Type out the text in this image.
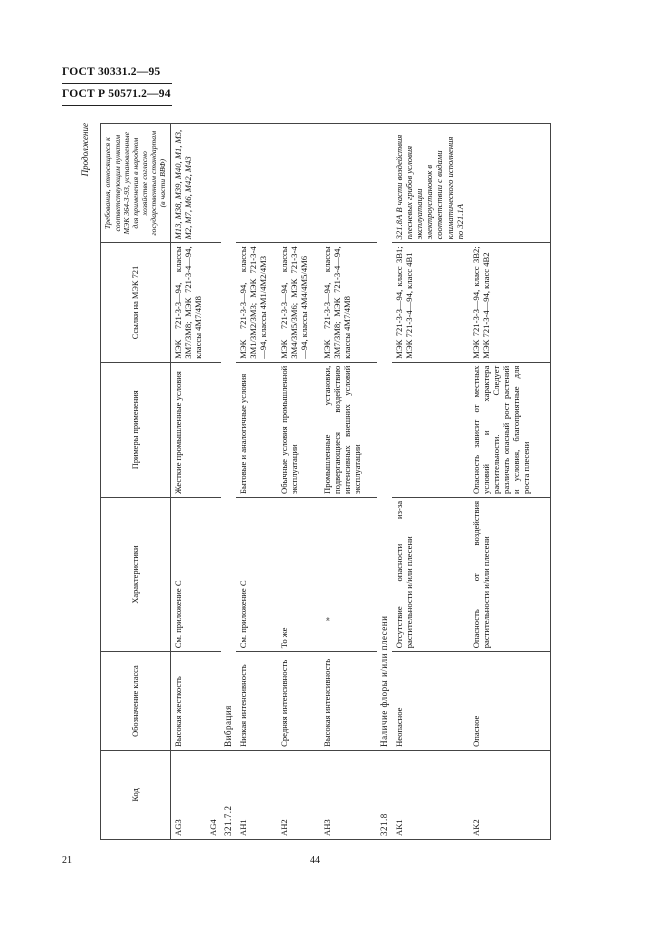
ГОСТ 30331.2—95
ГОСТ Р 50571.2—94
Продолжение
Код	Обозначение класса	Характеристики	Примеры применения	Ссылки на МЭК 721	Требования, относящиеся к соответствующим пунктам МЭК 364-3-93, установленные для применения в народном хозяйстве согласно государственным стандартам (в части ВВФ)
AG3	Высокая жесткость	См. приложение С	Жесткие промышленные условия	МЭК 721-3-3—94, классы 3М7/3М8; МЭК 721-3-4—94, классы 4М7/4М8	М13, М38, М39, М40, М1, М3, М2, М7, М6, М42, М43
AG4					
321.7.2	Вибрация				
AH1	Низкая интенсивность	См. приложение С	Бытовые и аналогичные условия	МЭК 721-3-3—94, классы 3М1/3М2/3М3; МЭК 721-3-4—94, классы 4М1/4М2/4М3	
AH2	Средняя интенсивность	То же	Обычные условия промышленной эксплуатации	МЭК 721-3-3—94, классы 3М4/3М5/3М6; МЭК 721-3-4—94, классы 4М4/4М5/4М6	
AH3	Высокая интенсивность	»	Промышленные установки, подвергающиеся воздействию интенсивных внешних условий эксплуатации	МЭК 721-3-3—94, классы 3М7/3М8; МЭК 721-3-4—94, классы 4М7/4М8	
321.8	Наличие флоры и/или плесени				
AK1	Неопасное	Отсутствие опасности из-за растительности и/или плесени		МЭК 721-3-3—94, класс 3В1; МЭК 721-3-4—94, класс 4В1	321.8А В части воздействия плесневых грибов условия эксплуатации электроустановок в соответствии с видами климатического исполнения по 321.1А
AK2	Опасное	Опасность от воздействия растительности и/или плесени	Опасность зависит от местных условий и характера растительности. Следует различать опасный рост растений и условия, благоприятные для роста плесени	МЭК 721-3-3—94, класс 3В2; МЭК 721-3-4—94, класс 4В2	
21	44
